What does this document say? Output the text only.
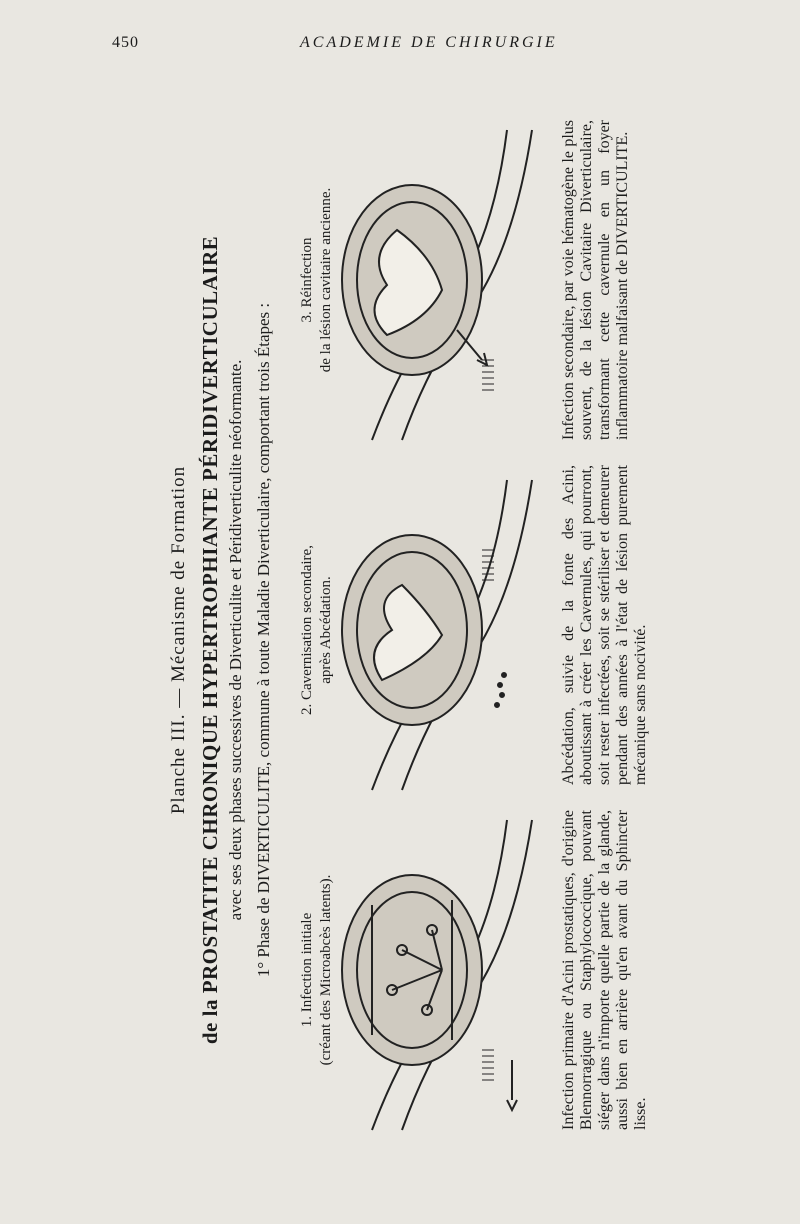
450	ACADEMIE DE CHIRURGIE
Planche III. — Mécanisme de Formation de la PROSTATITE CHRONIQUE HYPERTROPHIANTE PÉRIDIVERTICULAIRE avec ses deux phases successives de Diverticulite et Péridiverticulite néoformante. 1° Phase de DIVERTICULITE, commune à toute Maladie Diverticulaire, comportant trois Étapes : 1. Infection initiale (créant des Microabcès latents).	Infection primaire d'Acini prostatiques, d'origine Blennorragique ou Staphylococcique, pouvant siéger dans n'importe quelle partie de la glande, aussi bien en arrière qu'en avant du Sphincter lisse.
2. Cavernisation secondaire, après Abcédation.	Abcédation, suivie de la fonte des Acini, aboutissant à créer les Cavernules, qui pourront, soit rester infectées, soit se stériliser et demeurer pendant des années à l'état de lésion purement mécanique sans nocivité.
3. Réinfection de la lésion cavitaire ancienne.	Infection secondaire, par voie hématogène le plus souvent, de la lésion Cavitaire Diverticulaire, transformant cette cavernule en un foyer inflammatoire malfaisant de DIVERTICULITE.
